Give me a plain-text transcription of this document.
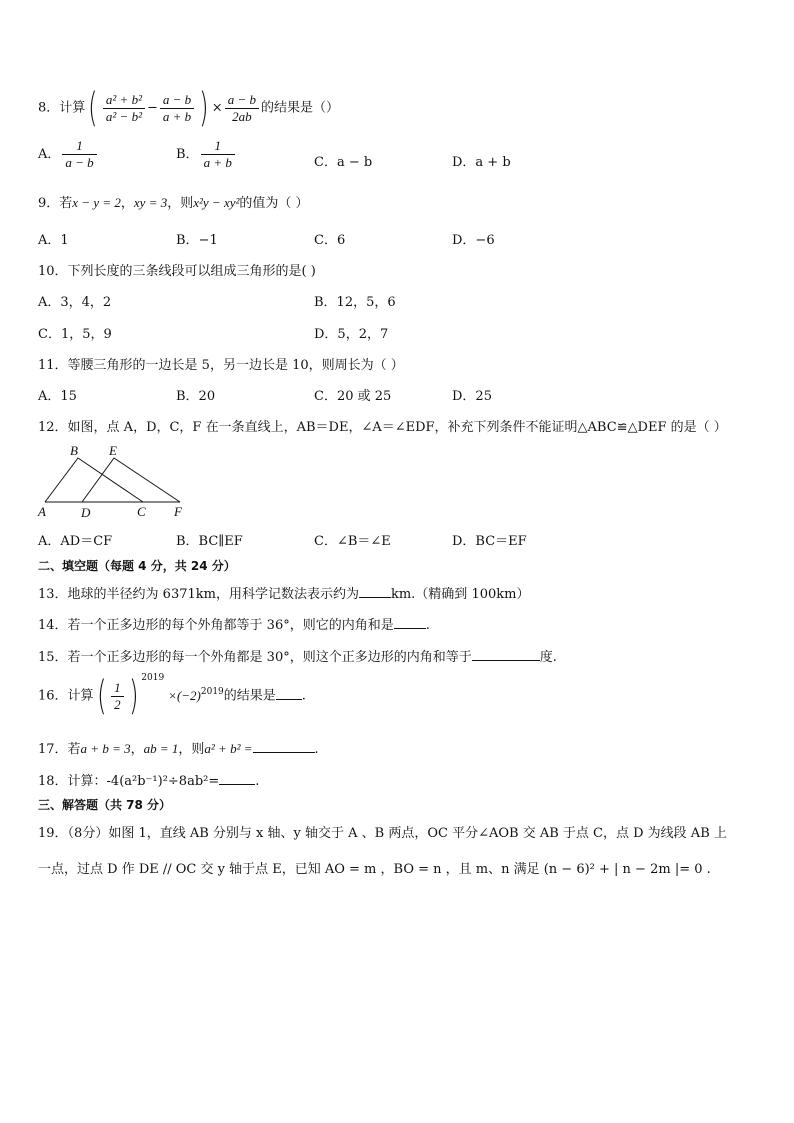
8．计算( $\frac{\text{a² + b²}}{\text{a² − b²}} - \frac{a - b}{a + b}$ ) × $\frac{a - b}{2ab}$ 的结果是（）
A． $\frac{1}{a - b}$	B． $\frac{1}{a + b}$	C．a − b	D．a + b
9．若x − y = 2，xy = 3，则x²y − xy²的值为（ ）
A．1	B．−1	C．6	D．−6
10．下列长度的三条线段可以组成三角形的是( )
A．3，4，2	B．12，5，6
C．1，5，9	D．5，2，7
11．等腰三角形的一边长是 5，另一边长是 10，则周长为（ ）
A．15	B．20	C．20 或 25	D．25
12．如图，点 A，D，C，F 在一条直线上，AB＝DE，∠A＝∠EDF，补充下列条件不能证明△ABC≌△DEF 的是（ ）
B E
A	D	C F
A．AD＝CF	B．BC∥EF	C．∠B＝∠E	D．BC＝EF
二、填空题（每题 4 分，共 24 分）
13．地球的半径约为 6371km，用科学记数法表示约为 km.（精确到 100km）
14．若一个正多边形的每个外角都等于 36°，则它的内角和是 .
15．若一个正多边形的每一个外角都是 30°，则这个正多边形的内角和等于	度.
16．计算( $\frac{1}{2}$ ) $^{2019}\times(-2)^{2019}$的结果是 .
17．若a + b = 3，ab = 1，则a² + b² =	.
18．计算：-4(a²b⁻¹)²÷8ab²=	.
三、解答题（共 78 分）
19．（8分）如图 1，直线 AB 分别与 x 轴、y 轴交于 A 、B 两点，OC 平分∠AOB 交 AB 于点 C，点 D 为线段 AB 上
一点，过点 D 作 DE // OC 交 y 轴于点 E，已知 AO = m ，BO = n ，且 m、n 满足 (n − 6)² + | n − 2m |= 0 .
